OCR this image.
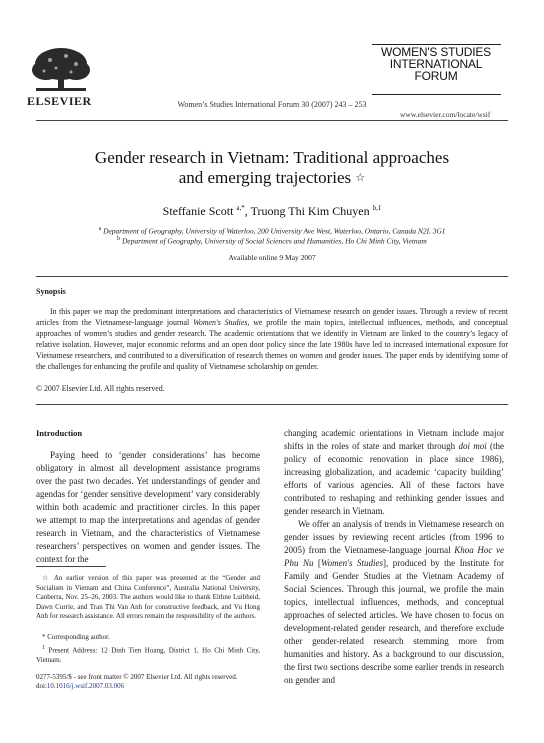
ELSEVIER	Women’s Studies International Forum 30 (2007) 243 – 253
WOMEN'S STUDIES
INTERNATIONAL
FORUM
www.elsevier.com/locate/wsif
Gender research in Vietnam: Traditional approaches
and emerging trajectories ☆
Steffanie Scott $^{a,*}$, Truong Thi Kim Chuyen $^{b,1}$
$^a$ Department of Geography, University of Waterloo, 200 University Ave West, Waterloo, Ontario, Canada N2L 3G1
$^b$ Department of Geography, University of Social Sciences and Humanities, Ho Chi Minh City, Vietnam
Available online 9 May 2007
Synopsis

In this paper we map the predominant interpretations and characteristics of Vietnamese research on gender issues. Through a review of recent articles from the Vietnamese-language journal Women's Studies, we profile the main topics, intellectual influences, methods, and conceptual approaches of women’s studies and gender research. The academic orientations that we identify in Vietnam are linked to the country’s legacy of relative isolation. However, major economic reforms and an open door policy since the late 1980s have led to increased international exposure for Vietnamese researchers, and contributed to a diversification of research themes on women and gender issues. The paper ends by identifying some of the challenges for enhancing the profile and quality of Vietnamese scholarship on gender.

© 2007 Elsevier Ltd. All rights reserved.
Introduction

Paying heed to ‘gender considerations’ has become obligatory in almost all development assistance programs over the past two decades. Yet understandings of gender and agendas for ‘gender sensitive development’ vary considerably within both academic and practitioner circles. In this paper we attempt to map the interpretations and agendas of gender research in Vietnam, and the characteristics of Vietnamese researchers’ perspectives on women and gender issues. The context for the

changing academic orientations in Vietnam include major shifts in the roles of state and market through doi moi (the policy of economic renovation in place since 1986), increasing globalization, and academic ‘capacity building’ efforts of various agencies. All of these factors have contributed to reshaping and rethinking gender issues and gender research in Vietnam.

We offer an analysis of trends in Vietnamese research on gender issues by reviewing recent articles (from 1996 to 2005) from the Vietnamese-language journal Khoa Hoc ve Phu Nu [Women's Studies], produced by the Institute for Family and Gender Studies at the Vietnam Academy of Social Sciences. Through this journal, we profile the main topics, intellectual influences, methods, and conceptual approaches of selected articles. We have chosen to focus on development-related gender research, and therefore exclude other gender-related research stemming more from humanities and history. As a background to our discussion, the first two sections describe some earlier trends in research on gender and

☆ An earlier version of this paper was presented at the “Gender and Socialism in Vietnam and China Conference”, Australia National University, Canberra, Nov. 25–26, 2003. The authors would like to thank Eithne Luibheid, Dawn Currie, and Tran Thi Van Anh for constructive feedback, and Vu Hong Anh for research assistance. All errors remain the responsibility of the authors.
* Corresponding author.
$^1$ Present Address: 12 Dinh Tien Hoang, District 1, Ho Chi Minh City, Vietnam.
0277-5395/$ - see front matter © 2007 Elsevier Ltd. All rights reserved.
doi:10.1016/j.wsif.2007.03.006
